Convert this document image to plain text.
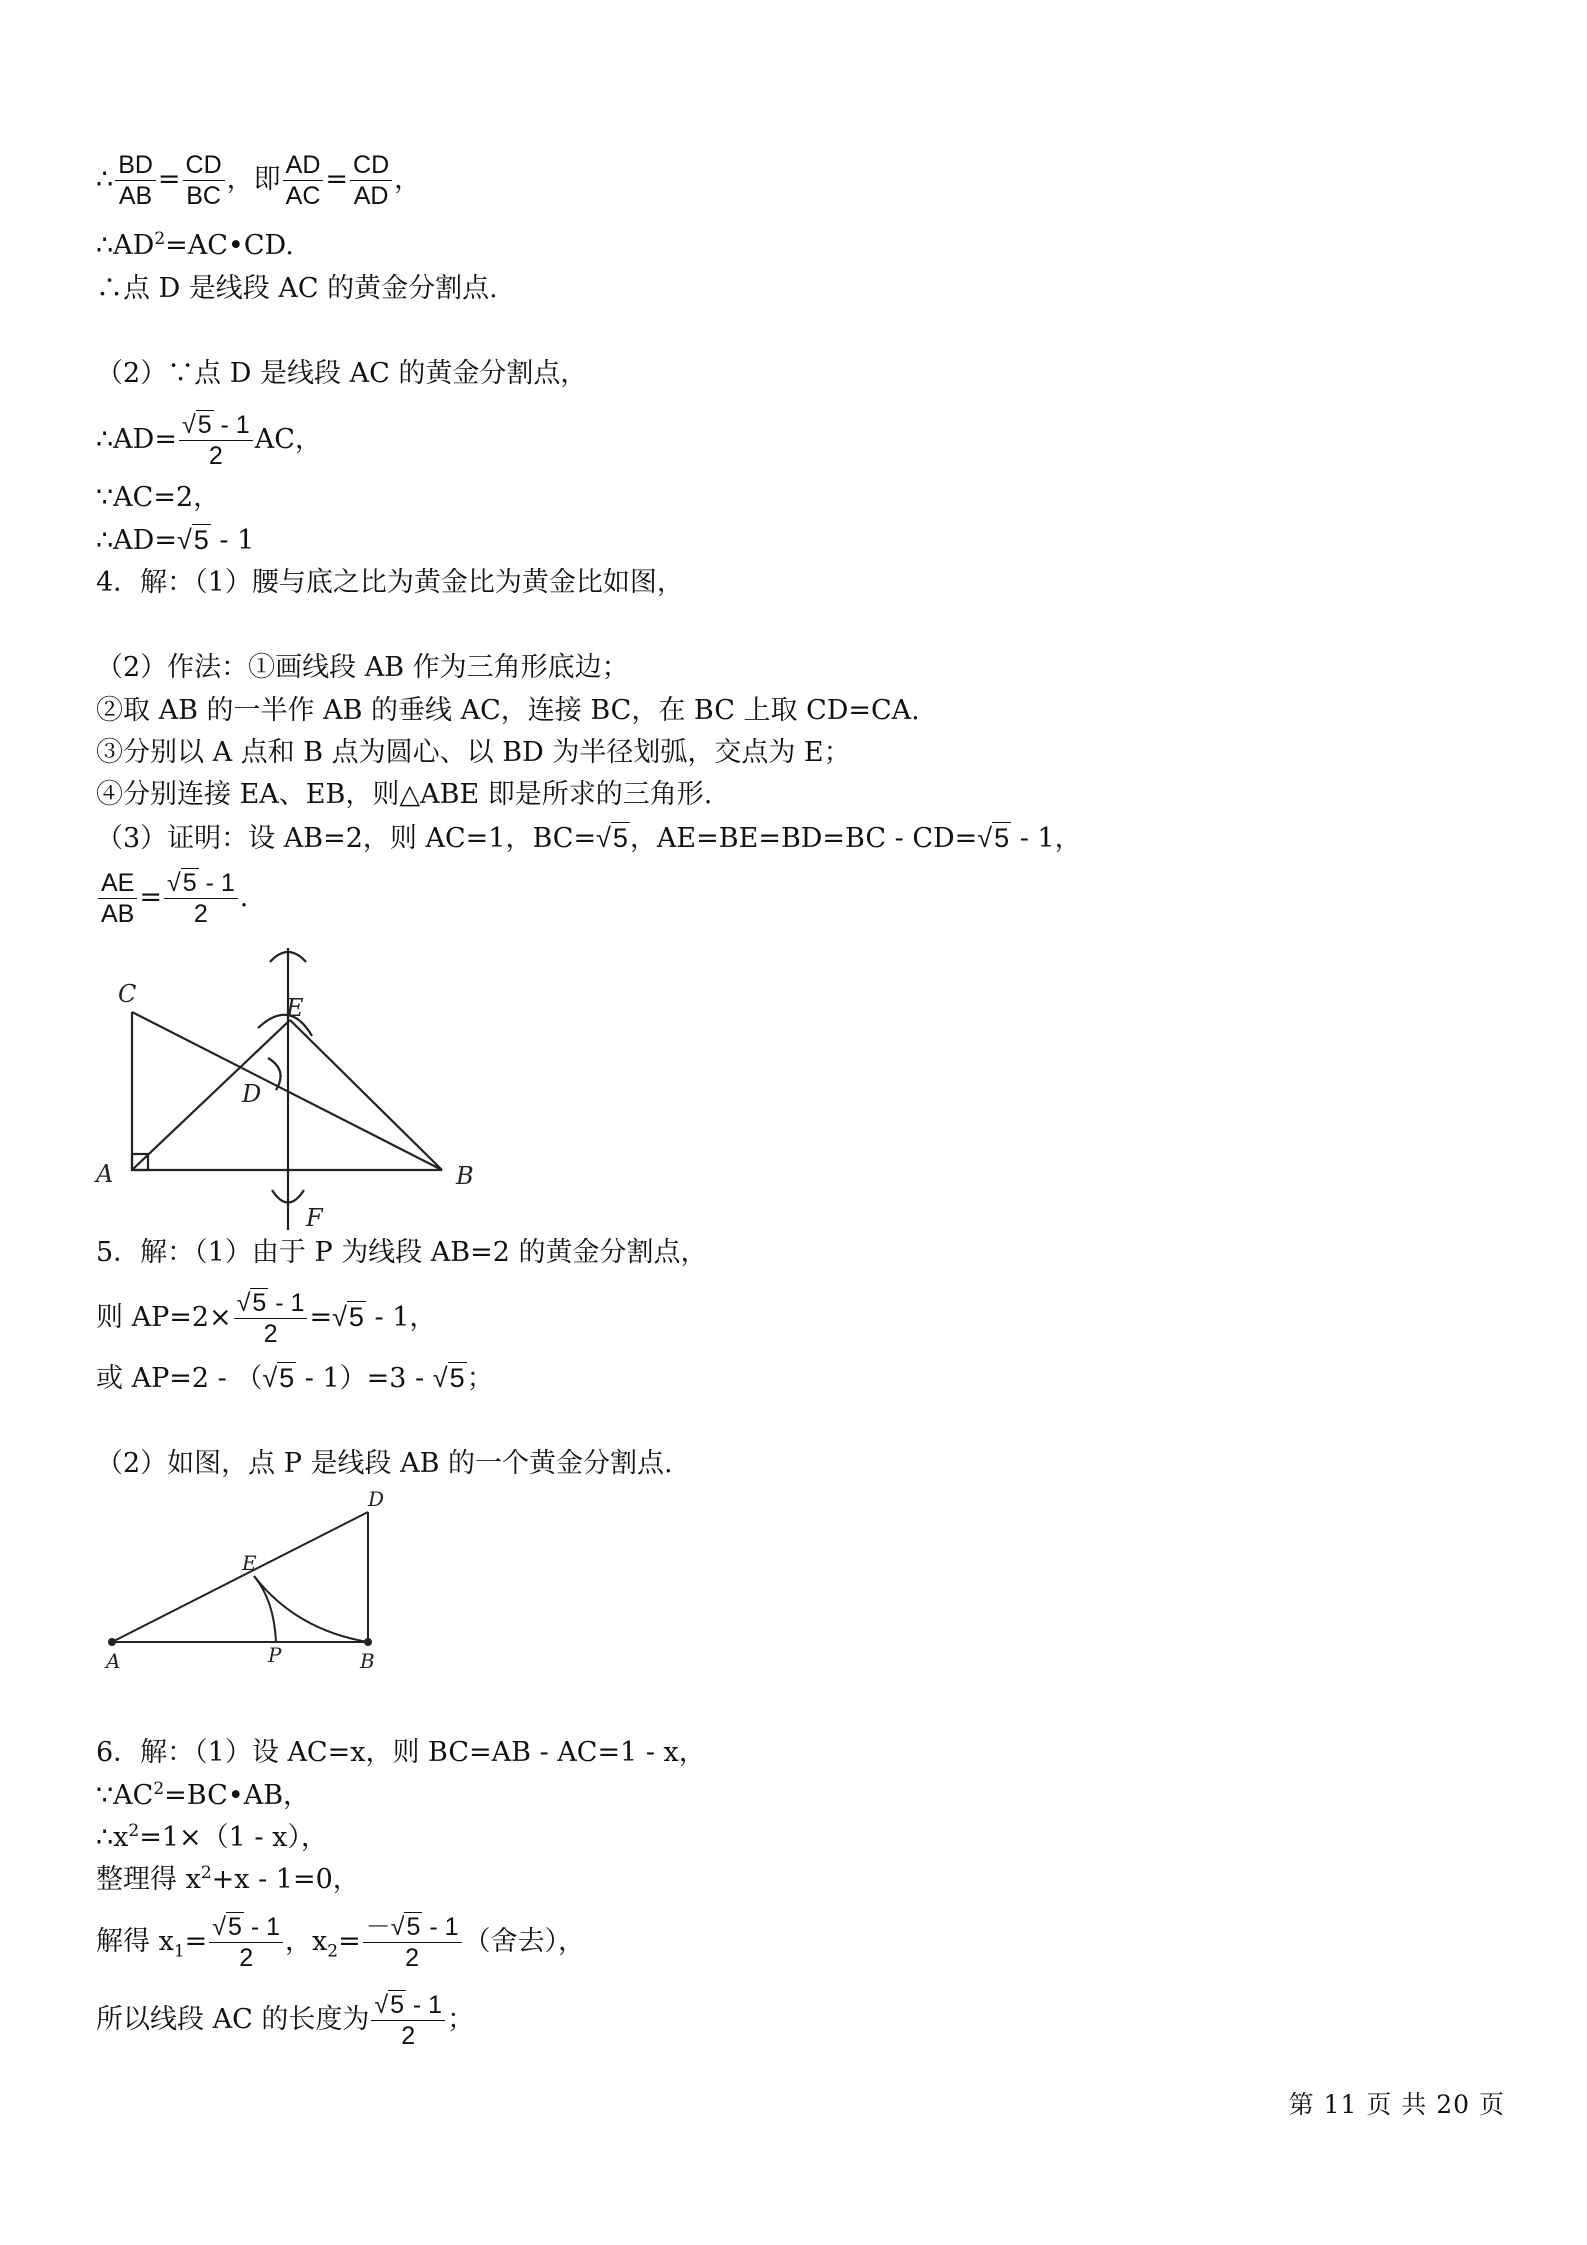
∴ $\frac{BD}{AB} = \frac{CD}{BC}$ ，即 $\frac{AD}{AC} = \frac{CD}{AD}$ ，
$\therefore AD^2=AC•CD$.
∴点 D 是线段 AC 的黄金分割点.
（2）∵点 D 是线段 AC 的黄金分割点，
∴AD= $\frac{√5 - 1}{2}$ AC，
∵AC=2，
∴AD=√5 - 1
4．解：（1）腰与底之比为黄金比为黄金比如图，
（2）作法：①画线段 AB 作为三角形底边；
②取 AB 的一半作 AB 的垂线 AC，连接 BC，在 BC 上取 CD=CA.
③分别以 A 点和 B 点为圆心、以 BD 为半径划弧，交点为 E；
④分别连接 EA、EB，则△ABE 即是所求的三角形.
（3）证明：设 AB=2，则 AC=1，BC=√5，AE=BE=BD=BC - CD=√5 - 1，
$\frac{AE}{AB} = \frac{√5 - 1}{2}$ .
C	E
D
A	B
F
5．解：（1）由于 P 为线段 AB=2 的黄金分割点，
则 $AP=2\times \frac{√5 - 1}{2} =√5 - 1$，
或 AP=2 - （√5 - 1）=3 - √5；
（2）如图，点 P 是线段 AB 的一个黄金分割点.
D
E
A	P	B
6．解：（1）设 AC=x，则 BC=AB - AC=1 - x，
$\because AC^2=BC•AB$，
$\therefore x^2=1\times(1 - x)$，
整理得 $x^2+x - 1=0$，
解得 $x_1= \frac{√5 - 1}{2}$ ，$x_2= \frac{-√5 - 1}{2}$ （舍去），
所以线段 AC 的长度为 $\frac{√5 - 1}{2}$ ；
第 11 页 共 20 页
